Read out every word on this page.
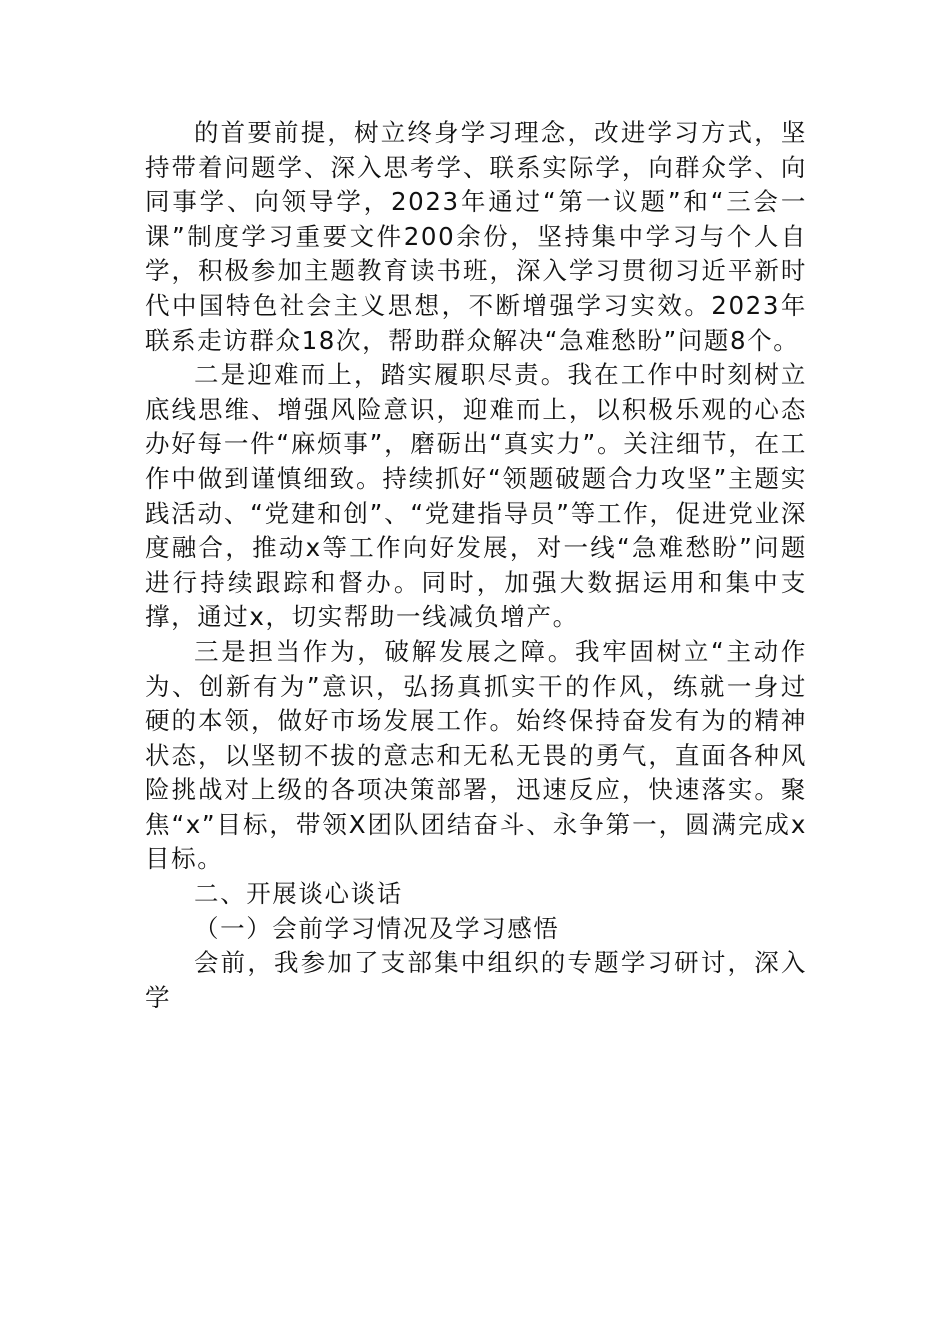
的首要前提，树立终身学习理念，改进学习方式，坚持带着问题学、深入思考学、联系实际学，向群众学、向同事学、向领导学，2023年通过“第一议题”和“三会一课”制度学习重要文件200余份，坚持集中学习与个人自学，积极参加主题教育读书班，深入学习贯彻习近平新时代中国特色社会主义思想，不断增强学习实效。2023年联系走访群众18次，帮助群众解决“急难愁盼”问题8个。

二是迎难而上，踏实履职尽责。我在工作中时刻树立底线思维、增强风险意识，迎难而上，以积极乐观的心态办好每一件“麻烦事”，磨砺出“真实力”。关注细节，在工作中做到谨慎细致。持续抓好“领题破题合力攻坚”主题实践活动、“党建和创”、“党建指导员”等工作，促进党业深度融合，推动x等工作向好发展，对一线“急难愁盼”问题进行持续跟踪和督办。同时，加强大数据运用和集中支撑，通过x，切实帮助一线减负增产。

三是担当作为，破解发展之障。我牢固树立“主动作为、创新有为”意识，弘扬真抓实干的作风，练就一身过硬的本领，做好市场发展工作。始终保持奋发有为的精神状态，以坚韧不拔的意志和无私无畏的勇气，直面各种风险挑战对上级的各项决策部署，迅速反应，快速落实。聚焦“x”目标，带领X团队团结奋斗、永争第一，圆满完成x目标。

二、开展谈心谈话

（一）会前学习情况及学习感悟

会前，我参加了支部集中组织的专题学习研讨，深入学
